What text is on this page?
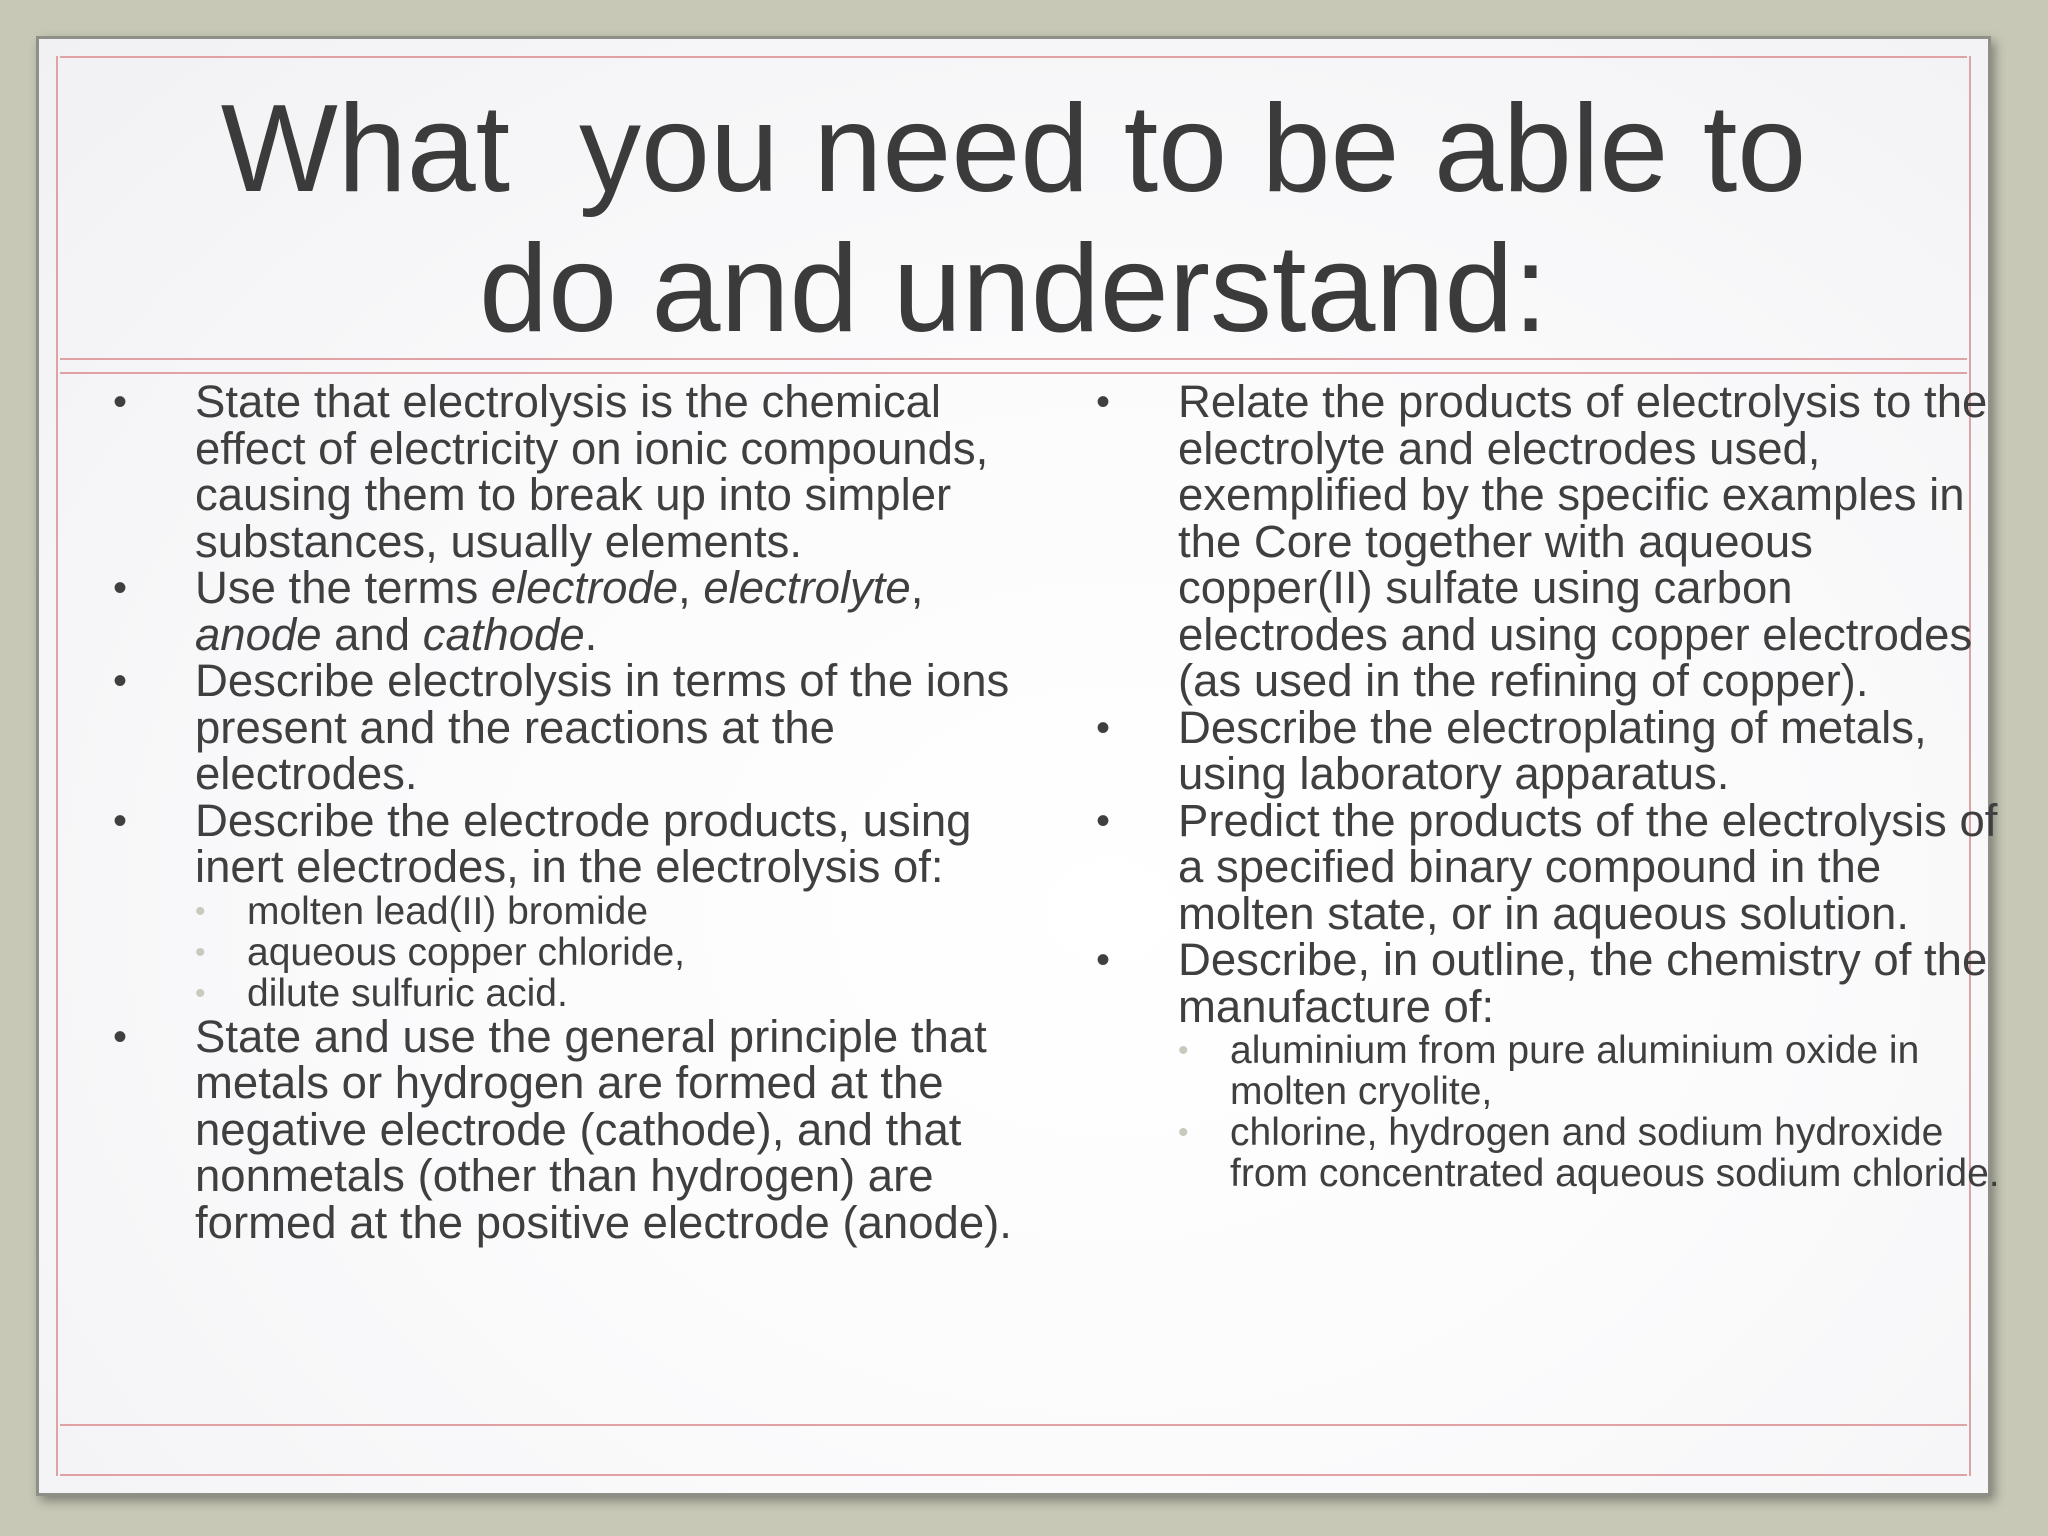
What  you need to be able to
do and understand:
• State that electrolysis is the chemical effect of electricity on ionic compounds, causing them to break up into simpler substances, usually elements.
• Use the terms electrode, electrolyte, anode and cathode.
• Describe electrolysis in terms of the ions present and the reactions at the electrodes.
• Describe the electrode products, using inert electrodes, in the electrolysis of:
• molten lead(II) bromide
• aqueous copper chloride,
• dilute sulfuric acid.
• State and use the general principle that metals or hydrogen are formed at the negative electrode (cathode), and that nonmetals (other than hydrogen) are formed at the positive electrode (anode).
• Relate the products of electrolysis to the electrolyte and electrodes used, exemplified by the specific examples in the Core together with aqueous copper(II) sulfate using carbon electrodes and using copper electrodes (as used in the refining of copper).
• Describe the electroplating of metals, using laboratory apparatus.
• Predict the products of the electrolysis of a specified binary compound in the molten state, or in aqueous solution.
• Describe, in outline, the chemistry of the manufacture of:
• aluminium from pure aluminium oxide in molten cryolite,
• chlorine, hydrogen and sodium hydroxide from concentrated aqueous sodium chloride.
